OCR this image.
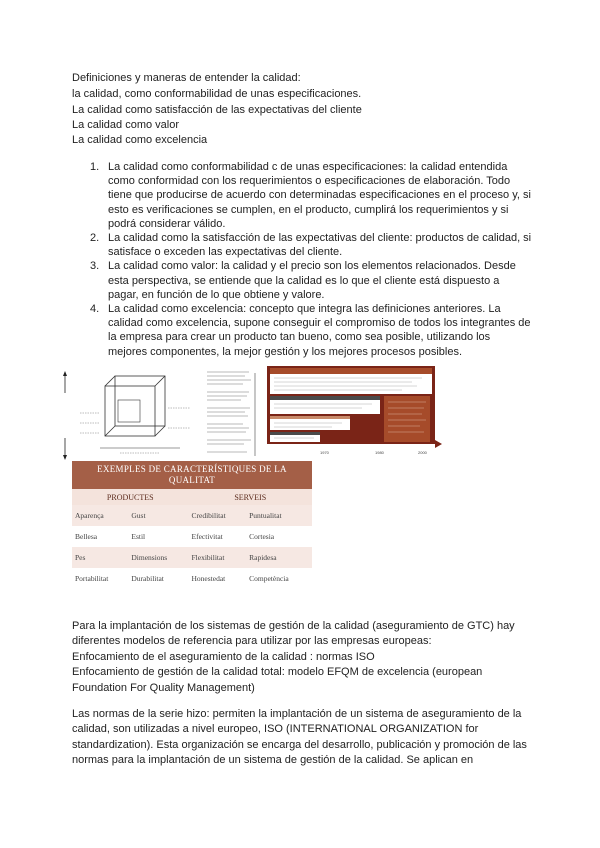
Definiciones y maneras de entender la calidad:
la calidad, como conformabilidad de unas especificaciones.
La calidad como satisfacción de las expectativas del cliente
La calidad como valor
La calidad como excelencia
1. La calidad como conformabilidad c de unas especificaciones: la calidad entendida como conformidad con los requerimientos o especificaciones de elaboración. Todo tiene que producirse de acuerdo con determinadas especificaciones en el proceso y, si esto es verificaciones se cumplen, en el producto, cumplirá los requerimientos y si podrá considerar válido.
2. La calidad como la satisfacción de las expectativas del cliente: productos de calidad, si satisface o exceden las expectativas del cliente.
3. La calidad como valor: la calidad y el precio son los elementos relacionados. Desde esta perspectiva, se entiende que la calidad es lo que el cliente está dispuesto a pagar, en función de lo que obtiene y valore.
4. La calidad como excelencia: concepto que integra las definiciones anteriores. La calidad como excelencia, supone conseguir el compromiso de todos los integrantes de la empresa para crear un producto tan bueno, como sea posible, utilizando los mejores componentes, la mejor gestión y los mejores procesos posibles.
1970	1980	2000
EXEMPLES DE CARACTERÍSTIQUES DE LA QUALITAT			
PRODUCTES		SERVEIS	
Aparença	Gust	Credibilitat	Puntualitat
Bellesa	Estil	Efectivitat	Cortesia
Pes	Dimensions	Flexibilitat	Rapidesa
Portabilitat	Durabilitat	Honestedat	Competència
Para la implantación de los sistemas de gestión de la calidad (aseguramiento de GTC) hay diferentes modelos de referencia para utilizar por las empresas europeas:
Enfocamiento de el aseguramiento de la calidad : normas ISO
Enfocamiento de gestión de la calidad total: modelo EFQM de excelencia (european Foundation For Quality Management)
Las normas de la serie hizo: permiten la implantación de un sistema de aseguramiento de la calidad, son utilizadas a nivel europeo, ISO (INTERNATIONAL ORGANIZATION for standardization). Esta organización se encarga del desarrollo, publicación y promoción de las normas para la implantación de un sistema de gestión de la calidad. Se aplican en
